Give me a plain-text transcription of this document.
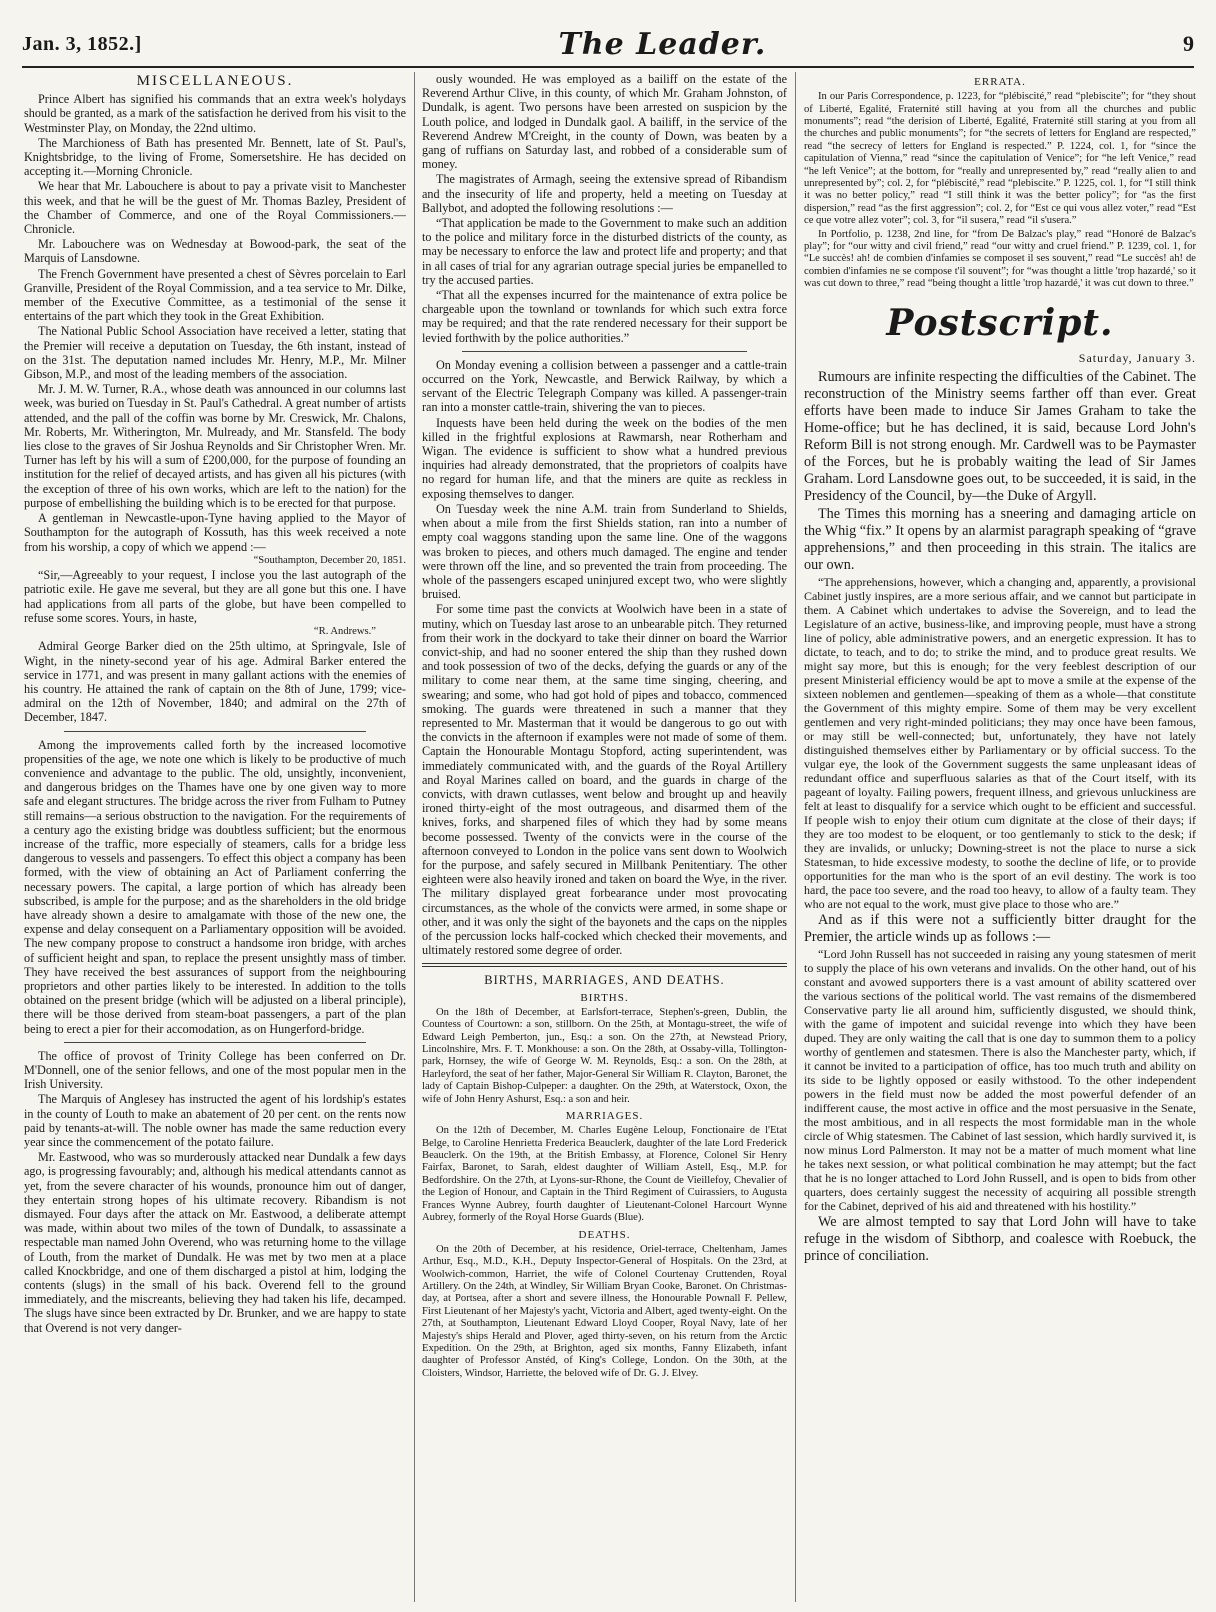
Jan. 3, 1852.]	The Leader.	9
MISCELLANEOUS.

Prince Albert has signified his commands that an extra week's holydays should be granted, as a mark of the satisfaction he derived from his visit to the Westminster Play, on Monday, the 22nd ultimo.

The Marchioness of Bath has presented Mr. Bennett, late of St. Paul's, Knightsbridge, to the living of Frome, Somersetshire. He has decided on accepting it.—Morning Chronicle.

We hear that Mr. Labouchere is about to pay a private visit to Manchester this week, and that he will be the guest of Mr. Thomas Bazley, President of the Chamber of Commerce, and one of the Royal Commissioners.—Chronicle.

Mr. Labouchere was on Wednesday at Bowood-park, the seat of the Marquis of Lansdowne.

The French Government have presented a chest of Sèvres porcelain to Earl Granville, President of the Royal Commission, and a tea service to Mr. Dilke, member of the Executive Committee, as a testimonial of the sense it entertains of the part which they took in the Great Exhibition.

The National Public School Association have received a letter, stating that the Premier will receive a deputation on Tuesday, the 6th instant, instead of on the 31st. The deputation named includes Mr. Henry, M.P., Mr. Milner Gibson, M.P., and most of the leading members of the association.

Mr. J. M. W. Turner, R.A., whose death was announced in our columns last week, was buried on Tuesday in St. Paul's Cathedral. A great number of artists attended, and the pall of the coffin was borne by Mr. Creswick, Mr. Chalons, Mr. Roberts, Mr. Witherington, Mr. Mulready, and Mr. Stansfeld. The body lies close to the graves of Sir Joshua Reynolds and Sir Christopher Wren. Mr. Turner has left by his will a sum of £200,000, for the purpose of founding an institution for the relief of decayed artists, and has given all his pictures (with the exception of three of his own works, which are left to the nation) for the purpose of embellishing the building which is to be erected for that purpose.

A gentleman in Newcastle-upon-Tyne having applied to the Mayor of Southampton for the autograph of Kossuth, has this week received a note from his worship, a copy of which we append :—

“Southampton, December 20, 1851.

“Sir,—Agreeably to your request, I inclose you the last autograph of the patriotic exile. He gave me several, but they are all gone but this one. I have had applications from all parts of the globe, but have been compelled to refuse some scores. Yours, in haste,

“R. Andrews.”

Admiral George Barker died on the 25th ultimo, at Springvale, Isle of Wight, in the ninety-second year of his age. Admiral Barker entered the service in 1771, and was present in many gallant actions with the enemies of his country. He attained the rank of captain on the 8th of June, 1799; vice-admiral on the 12th of November, 1840; and admiral on the 27th of December, 1847.

Among the improvements called forth by the increased locomotive propensities of the age, we note one which is likely to be productive of much convenience and advantage to the public. The old, unsightly, inconvenient, and dangerous bridges on the Thames have one by one given way to more safe and elegant structures. The bridge across the river from Fulham to Putney still remains—a serious obstruction to the navigation. For the requirements of a century ago the existing bridge was doubtless sufficient; but the enormous increase of the traffic, more especially of steamers, calls for a bridge less dangerous to vessels and passengers. To effect this object a company has been formed, with the view of obtaining an Act of Parliament conferring the necessary powers. The capital, a large portion of which has already been subscribed, is ample for the purpose; and as the shareholders in the old bridge have already shown a desire to amalgamate with those of the new one, the expense and delay consequent on a Parliamentary opposition will be avoided. The new company propose to construct a handsome iron bridge, with arches of sufficient height and span, to replace the present unsightly mass of timber. They have received the best assurances of support from the neighbouring proprietors and other parties likely to be interested. In addition to the tolls obtained on the present bridge (which will be adjusted on a liberal principle), there will be those derived from steam-boat passengers, a part of the plan being to erect a pier for their accomodation, as on Hungerford-bridge.

The office of provost of Trinity College has been conferred on Dr. M'Donnell, one of the senior fellows, and one of the most popular men in the Irish University.

The Marquis of Anglesey has instructed the agent of his lordship's estates in the county of Louth to make an abatement of 20 per cent. on the rents now paid by tenants-at-will. The noble owner has made the same reduction every year since the commencement of the potato failure.

Mr. Eastwood, who was so murderously attacked near Dundalk a few days ago, is progressing favourably; and, although his medical attendants cannot as yet, from the severe character of his wounds, pronounce him out of danger, they entertain strong hopes of his ultimate recovery. Ribandism is not dismayed. Four days after the attack on Mr. Eastwood, a deliberate attempt was made, within about two miles of the town of Dundalk, to assassinate a respectable man named John Overend, who was returning home to the village of Louth, from the market of Dundalk. He was met by two men at a place called Knockbridge, and one of them discharged a pistol at him, lodging the contents (slugs) in the small of his back. Overend fell to the ground immediately, and the miscreants, believing they had taken his life, decamped. The slugs have since been extracted by Dr. Brunker, and we are happy to state that Overend is not very danger-

ously wounded. He was employed as a bailiff on the estate of the Reverend Arthur Clive, in this county, of which Mr. Graham Johnston, of Dundalk, is agent. Two persons have been arrested on suspicion by the Louth police, and lodged in Dundalk gaol. A bailiff, in the service of the Reverend Andrew M'Creight, in the county of Down, was beaten by a gang of ruffians on Saturday last, and robbed of a considerable sum of money.

The magistrates of Armagh, seeing the extensive spread of Ribandism and the insecurity of life and property, held a meeting on Tuesday at Ballybot, and adopted the following resolutions :—

“That application be made to the Government to make such an addition to the police and military force in the disturbed districts of the county, as may be necessary to enforce the law and protect life and property; and that in all cases of trial for any agrarian outrage special juries be empanelled to try the accused parties.

“That all the expenses incurred for the maintenance of extra police be chargeable upon the townland or townlands for which such extra force may be required; and that the rate rendered necessary for their support be levied forthwith by the police authorities.”

On Monday evening a collision between a passenger and a cattle-train occurred on the York, Newcastle, and Berwick Railway, by which a servant of the Electric Telegraph Company was killed. A passenger-train ran into a monster cattle-train, shivering the van to pieces.

Inquests have been held during the week on the bodies of the men killed in the frightful explosions at Rawmarsh, near Rotherham and Wigan. The evidence is sufficient to show what a hundred previous inquiries had already demonstrated, that the proprietors of coalpits have no regard for human life, and that the miners are quite as reckless in exposing themselves to danger.

On Tuesday week the nine A.M. train from Sunderland to Shields, when about a mile from the first Shields station, ran into a number of empty coal waggons standing upon the same line. One of the waggons was broken to pieces, and others much damaged. The engine and tender were thrown off the line, and so prevented the train from proceeding. The whole of the passengers escaped uninjured except two, who were slightly bruised.

For some time past the convicts at Woolwich have been in a state of mutiny, which on Tuesday last arose to an unbearable pitch. They returned from their work in the dockyard to take their dinner on board the Warrior convict-ship, and had no sooner entered the ship than they rushed down and took possession of two of the decks, defying the guards or any of the military to come near them, at the same time singing, cheering, and swearing; and some, who had got hold of pipes and tobacco, commenced smoking. The guards were threatened in such a manner that they represented to Mr. Masterman that it would be dangerous to go out with the convicts in the afternoon if examples were not made of some of them. Captain the Honourable Montagu Stopford, acting superintendent, was immediately communicated with, and the guards of the Royal Artillery and Royal Marines called on board, and the guards in charge of the convicts, with drawn cutlasses, went below and brought up and heavily ironed thirty-eight of the most outrageous, and disarmed them of the knives, forks, and sharpened files of which they had by some means become possessed. Twenty of the convicts were in the course of the afternoon conveyed to London in the police vans sent down to Woolwich for the purpose, and safely secured in Millbank Penitentiary. The other eighteen were also heavily ironed and taken on board the Wye, in the river. The military displayed great forbearance under most provocating circumstances, as the whole of the convicts were armed, in some shape or other, and it was only the sight of the bayonets and the caps on the nipples of the percussion locks half-cocked which checked their movements, and ultimately restored some degree of order.

BIRTHS, MARRIAGES, AND DEATHS.
BIRTHS.

On the 18th of December, at Earlsfort-terrace, Stephen's-green, Dublin, the Countess of Courtown: a son, stillborn. On the 25th, at Montagu-street, the wife of Edward Leigh Pemberton, jun., Esq.: a son. On the 27th, at Newstead Priory, Lincolnshire, Mrs. F. T. Monkhouse: a son. On the 28th, at Ossaby-villa, Tollington-park, Hornsey, the wife of George W. M. Reynolds, Esq.: a son. On the 28th, at Harleyford, the seat of her father, Major-General Sir William R. Clayton, Baronet, the lady of Captain Bishop-Culpeper: a daughter. On the 29th, at Waterstock, Oxon, the wife of John Henry Ashurst, Esq.: a son and heir.

MARRIAGES.

On the 12th of December, M. Charles Eugène Leloup, Fonctionaire de l'Etat Belge, to Caroline Henrietta Frederica Beauclerk, daughter of the late Lord Frederick Beauclerk. On the 19th, at the British Embassy, at Florence, Colonel Sir Henry Fairfax, Baronet, to Sarah, eldest daughter of William Astell, Esq., M.P. for Bedfordshire. On the 27th, at Lyons-sur-Rhone, the Count de Vieillefoy, Chevalier of the Legion of Honour, and Captain in the Third Regiment of Cuirassiers, to Augusta Frances Wynne Aubrey, fourth daughter of Lieutenant-Colonel Harcourt Wynne Aubrey, formerly of the Royal Horse Guards (Blue).

DEATHS.

On the 20th of December, at his residence, Oriel-terrace, Cheltenham, James Arthur, Esq., M.D., K.H., Deputy Inspector-General of Hospitals. On the 23rd, at Woolwich-common, Harriet, the wife of Colonel Courtenay Cruttenden, Royal Artillery. On the 24th, at Windley, Sir William Bryan Cooke, Baronet. On Christmas-day, at Portsea, after a short and severe illness, the Honourable Pownall F. Pellew, First Lieutenant of her Majesty's yacht, Victoria and Albert, aged twenty-eight. On the 27th, at Southampton, Lieutenant Edward Lloyd Cooper, Royal Navy, late of her Majesty's ships Herald and Plover, aged thirty-seven, on his return from the Arctic Expedition. On the 29th, at Brighton, aged six months, Fanny Elizabeth, infant daughter of Professor Anstéd, of King's College, London. On the 30th, at the Cloisters, Windsor, Harriette, the beloved wife of Dr. G. J. Elvey.

ERRATA.

In our Paris Correspondence, p. 1223, for “plébiscité,” read “plebiscite”; for “they shout of Liberté, Egalité, Fraternité still having at you from all the churches and public monuments”; read “the derision of Liberté, Egalité, Fraternité still staring at you from all the churches and public monuments”; for “the secrets of letters for England are respected,” read “the secrecy of letters for England is respected.” P. 1224, col. 1, for “since the capitulation of Vienna,” read “since the capitulation of Venice”; for “he left Venice,” read “he left Venice”; at the bottom, for “really and unrepresented by,” read “really alien to and unrepresented by”; col. 2, for “plébiscité,” read “plebiscite.” P. 1225, col. 1, for “I still think it was no better policy,” read “I still think it was the better policy”; for “as the first dispersion,” read “as the first aggression”; col. 2, for “Est ce qui vous allez voter,” read “Est ce que votre allez voter”; col. 3, for “il susera,” read “il s'usera.”

In Portfolio, p. 1238, 2nd line, for “from De Balzac's play,” read “Honoré de Balzac's play”; for “our witty and civil friend,” read “our witty and cruel friend.” P. 1239, col. 1, for “Le succès! ah! de combien d'infamies se composet il ses souvent,” read “Le succès! ah! de combien d'infamies ne se compose t'il souvent”; for “was thought a little 'trop hazardé,' so it was cut down to three,” read “being thought a little 'trop hazardé,' it was cut down to three.”

Postscript.

Saturday, January 3.

Rumours are infinite respecting the difficulties of the Cabinet. The reconstruction of the Ministry seems farther off than ever. Great efforts have been made to induce Sir James Graham to take the Home-office; but he has declined, it is said, because Lord John's Reform Bill is not strong enough. Mr. Cardwell was to be Paymaster of the Forces, but he is probably waiting the lead of Sir James Graham. Lord Lansdowne goes out, to be succeeded, it is said, in the Presidency of the Council, by—the Duke of Argyll.

The Times this morning has a sneering and damaging article on the Whig “fix.” It opens by an alarmist paragraph speaking of “grave apprehensions,” and then proceeding in this strain. The italics are our own.

“The apprehensions, however, which a changing and, apparently, a provisional Cabinet justly inspires, are a more serious affair, and we cannot but participate in them. A Cabinet which undertakes to advise the Sovereign, and to lead the Legislature of an active, business-like, and improving people, must have a strong line of policy, able administrative powers, and an energetic expression. It has to dictate, to teach, and to do; to strike the mind, and to produce great results. We might say more, but this is enough; for the very feeblest description of our present Ministerial efficiency would be apt to move a smile at the expense of the sixteen noblemen and gentlemen—speaking of them as a whole—that constitute the Government of this mighty empire. Some of them may be very excellent gentlemen and very right-minded politicians; they may once have been famous, or may still be well-connected; but, unfortunately, they have not lately distinguished themselves either by Parliamentary or by official success. To the vulgar eye, the look of the Government suggests the same unpleasant ideas of redundant office and superfluous salaries as that of the Court itself, with its pageant of loyalty. Failing powers, frequent illness, and grievous unluckiness are felt at least to disqualify for a service which ought to be efficient and successful. If people wish to enjoy their otium cum dignitate at the close of their days; if they are too modest to be eloquent, or too gentlemanly to stick to the desk; if they are invalids, or unlucky; Downing-street is not the place to nurse a sick Statesman, to hide excessive modesty, to soothe the decline of life, or to provide opportunities for the man who is the sport of an evil destiny. The work is too hard, the pace too severe, and the road too heavy, to allow of a faulty team. They who are not equal to the work, must give place to those who are.”

And as if this were not a sufficiently bitter draught for the Premier, the article winds up as follows :—

“Lord John Russell has not succeeded in raising any young statesmen of merit to supply the place of his own veterans and invalids. On the other hand, out of his constant and avowed supporters there is a vast amount of ability scattered over the various sections of the political world. The vast remains of the dismembered Conservative party lie all around him, sufficiently disgusted, we should think, with the game of impotent and suicidal revenge into which they have been duped. They are only waiting the call that is one day to summon them to a policy worthy of gentlemen and statesmen. There is also the Manchester party, which, if it cannot be invited to a participation of office, has too much truth and ability on its side to be lightly opposed or easily withstood. To the other independent powers in the field must now be added the most powerful defender of an indifferent cause, the most active in office and the most persuasive in the Senate, the most ambitious, and in all respects the most formidable man in the whole circle of Whig statesmen. The Cabinet of last session, which hardly survived it, is now minus Lord Palmerston. It may not be a matter of much moment what line he takes next session, or what political combination he may attempt; but the fact that he is no longer attached to Lord John Russell, and is open to bids from other quarters, does certainly suggest the necessity of acquiring all possible strength for the Cabinet, deprived of his aid and threatened with his hostility.”

We are almost tempted to say that Lord John will have to take refuge in the wisdom of Sibthorp, and coalesce with Roebuck, the prince of conciliation.
